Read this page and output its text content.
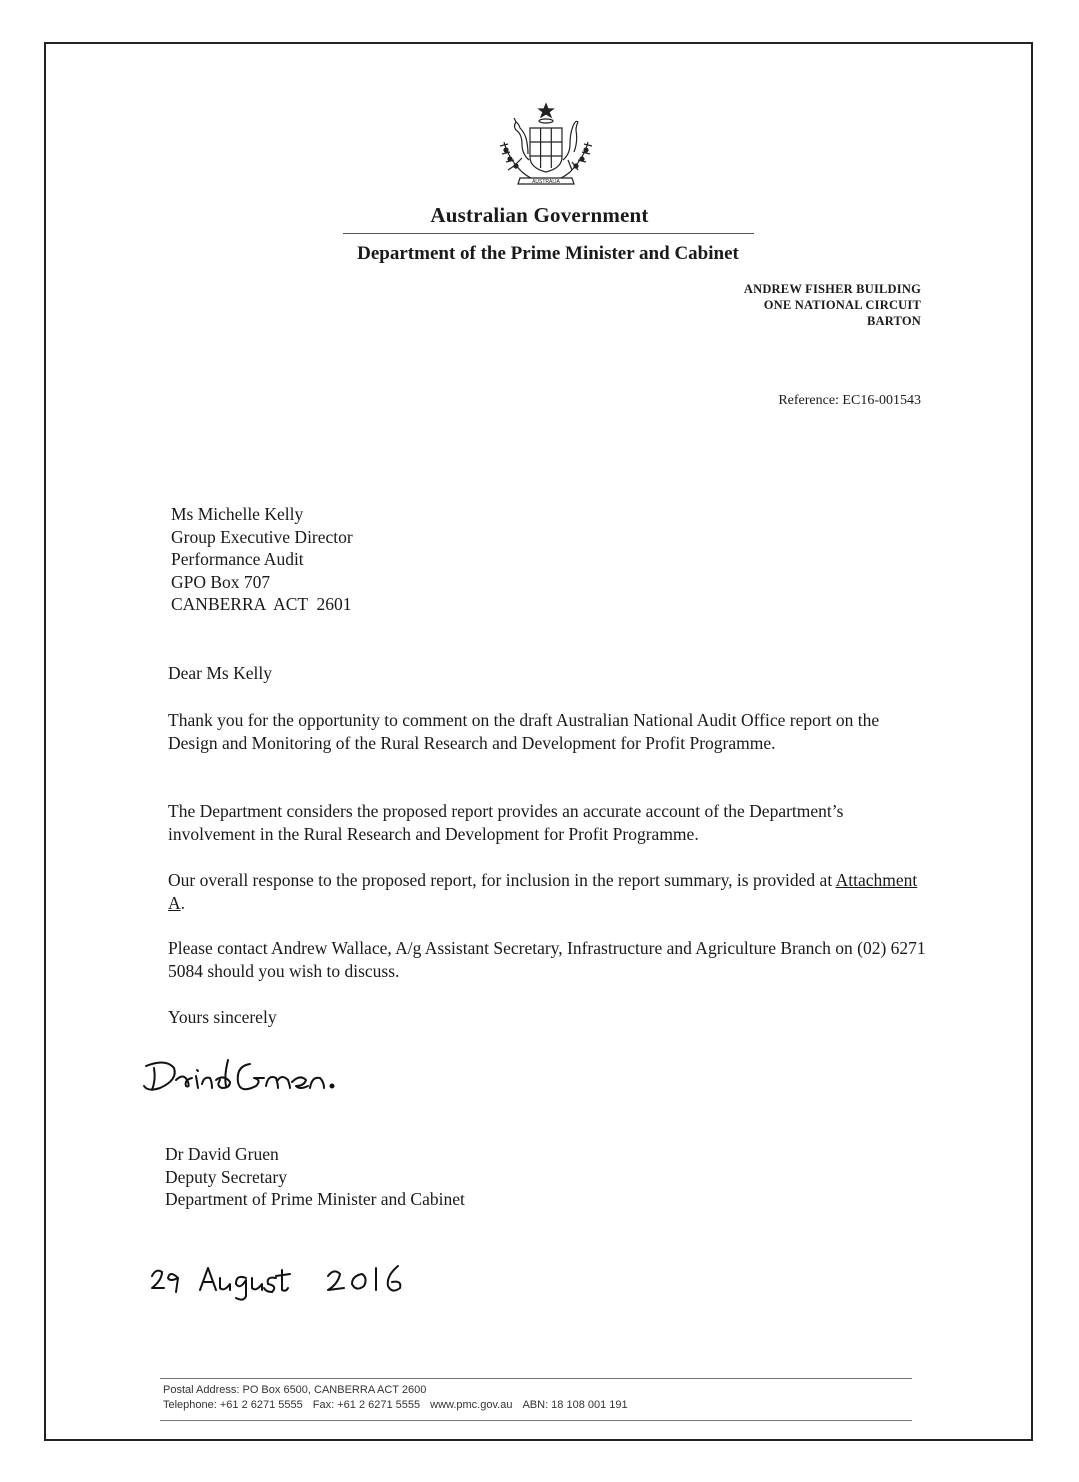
AUSTRALIA
Australian Government
Department of the Prime Minister and Cabinet
ANDREW FISHER BUILDING
ONE NATIONAL CIRCUIT
BARTON
Reference: EC16-001543
Ms Michelle Kelly
Group Executive Director
Performance Audit
GPO Box 707
CANBERRA  ACT  2601
Dear Ms Kelly
Thank you for the opportunity to comment on the draft Australian National Audit Office report on the Design and Monitoring of the Rural Research and Development for Profit Programme.
The Department considers the proposed report provides an accurate account of the Department’s involvement in the Rural Research and Development for Profit Programme.
Our overall response to the proposed report, for inclusion in the report summary, is provided at Attachment A.
Please contact Andrew Wallace, A/g Assistant Secretary, Infrastructure and Agriculture Branch on (02) 6271 5084 should you wish to discuss.
Yours sincerely
Dr David Gruen
Deputy Secretary
Department of Prime Minister and Cabinet
Postal Address: PO Box 6500, CANBERRA ACT 2600
Telephone: +61 2 6271 5555 Fax: +61 2 6271 5555 www.pmc.gov.au ABN: 18 108 001 191
